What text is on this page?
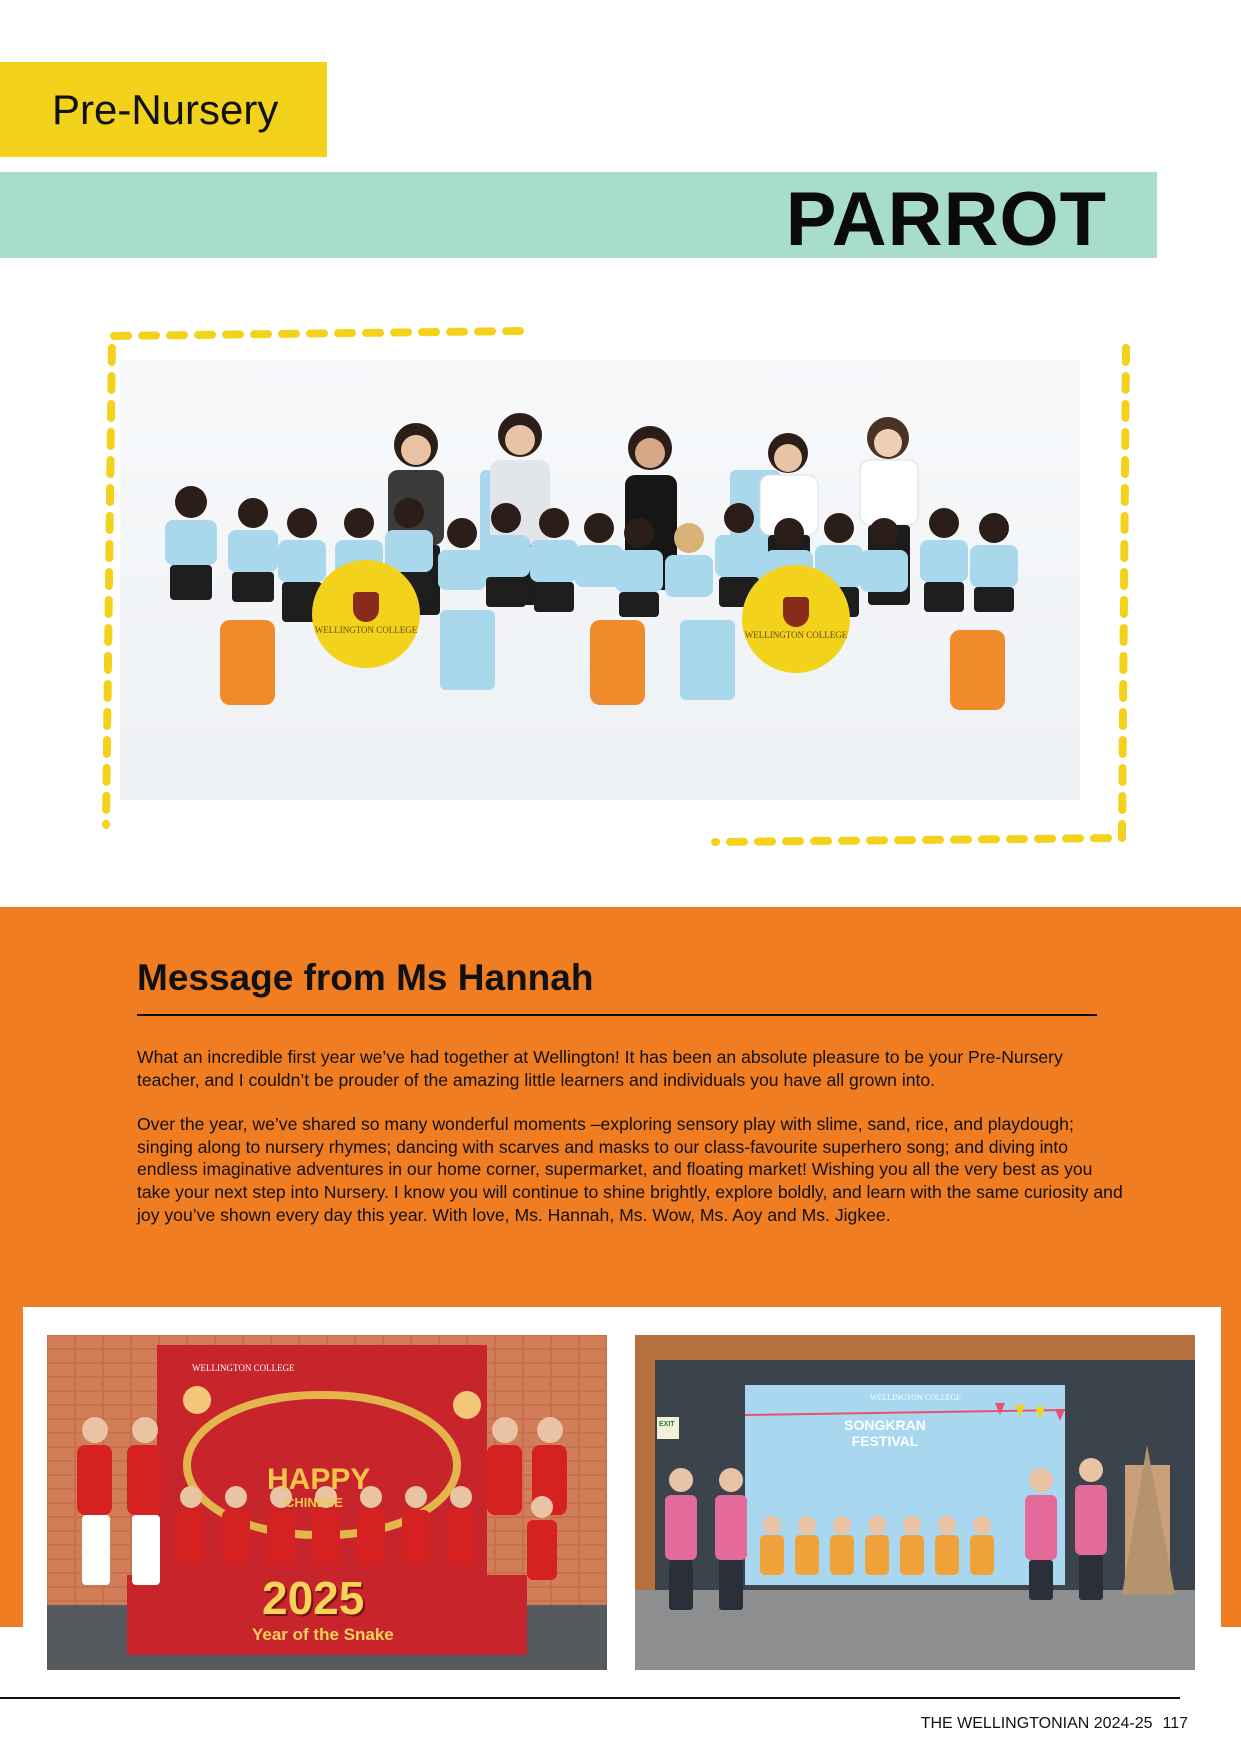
Pre-Nursery
PARROT
WELLINGTON COLLEGE	WELLINGTON COLLEGE
Message from Ms Hannah

What an incredible first year we’ve had together at Wellington! It has been an absolute pleasure to be your Pre-Nursery teacher, and I couldn’t be prouder of the amazing little learners and individuals you have all grown into.

Over the year, we’ve shared so many wonderful moments –exploring sensory play with slime, sand, rice, and playdough; singing along to nursery rhymes; dancing with scarves and masks to our class-favourite superhero song; and diving into endless imaginative adventures in our home corner, supermarket, and floating market! Wishing you all the very best as you take your next step into Nursery. I know you will continue to shine brightly, explore boldly, and learn with the same curiosity and joy you’ve shown every day this year. With love, Ms. Hannah, Ms. Wow, Ms. Aoy and Ms. Jigkee.

WELLINGTON COLLEGE
HAPPY
CHINESE
2025
Year of the Snake
EXIT
WELLINGTON COLLEGE
SONGKRAN FESTIVAL
THE WELLINGTONIAN 2024-25 117
